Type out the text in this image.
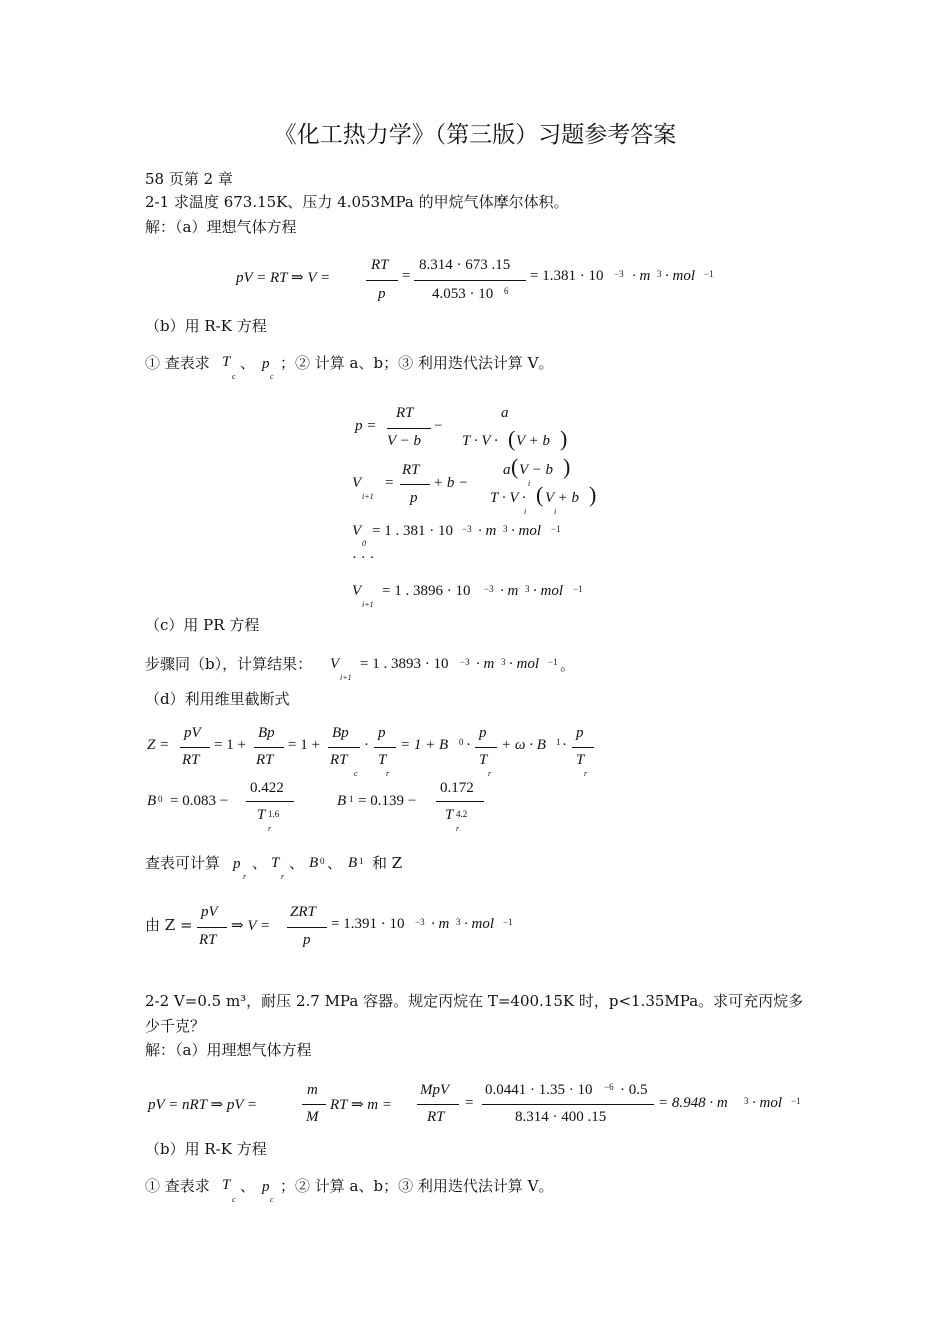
《化工热力学》（第三版）习题参考答案
58 页第 2 章
2-1 求温度 673.15K、压力 4.053MPa 的甲烷气体摩尔体积。
解：（a）理想气体方程
pV = RT ⇒ V =
RT
p
=
8.314 · 673 .15
4.053 · 10 6
= 1.381 · 10 −3 · m 3 · mol −1
（b）用 R-K 方程
① 查表求 T
c
、 p
c
；② 计算 a、b；③ 利用迭代法计算 V。
p =
RT
V − b
−
a
T · V · ( V + b )
V
i+1
=
RT
p
+ b −
a ( V − b
i
)
T · V ·
i
( V + b
i
)
V
0
= 1 . 381 · 10 −3 · m 3 · mol −1
· · ·
V
i+1
= 1 . 3896 · 10 −3 · m 3 · mol −1
（c）用 PR 方程
步骤同（b），计算结果： V
i+1
= 1 . 3893 · 10 −3 · m 3 · mol −1 。
（d）利用维里截断式
Z =
pV
RT
= 1 +
Bp
RT
= 1 +
Bp
RT
c
·
p
T
r
= 1 + B 0 ·
p
T
r
+ ω · B 1 ·
p
T
r
B 0 = 0.083 −
0.422
T 1.6
r
B 1 = 0.139 −
0.172
T 4.2
r
查表可计算 p
r
、 T
r
、 B 0 、 B 1 和 Z
由 Z =
pV
RT
⇒ V =
ZRT
p
= 1.391 · 10 −3 · m 3 · mol −1
2-2 V=0.5 m³，耐压 2.7 MPa 容器。规定丙烷在 T=400.15K 时，p<1.35MPa。求可充丙烷多
少千克？
解：（a）用理想气体方程
pV = nRT ⇒ pV =
m
M
RT ⇒ m =
MpV
RT
=
0.0441 · 1.35 · 10 −6 · 0.5
8.314 · 400 .15
= 8.948 · m 3 · mol −1
（b）用 R-K 方程
① 查表求 T
c
、 p
c
；② 计算 a、b；③ 利用迭代法计算 V。
